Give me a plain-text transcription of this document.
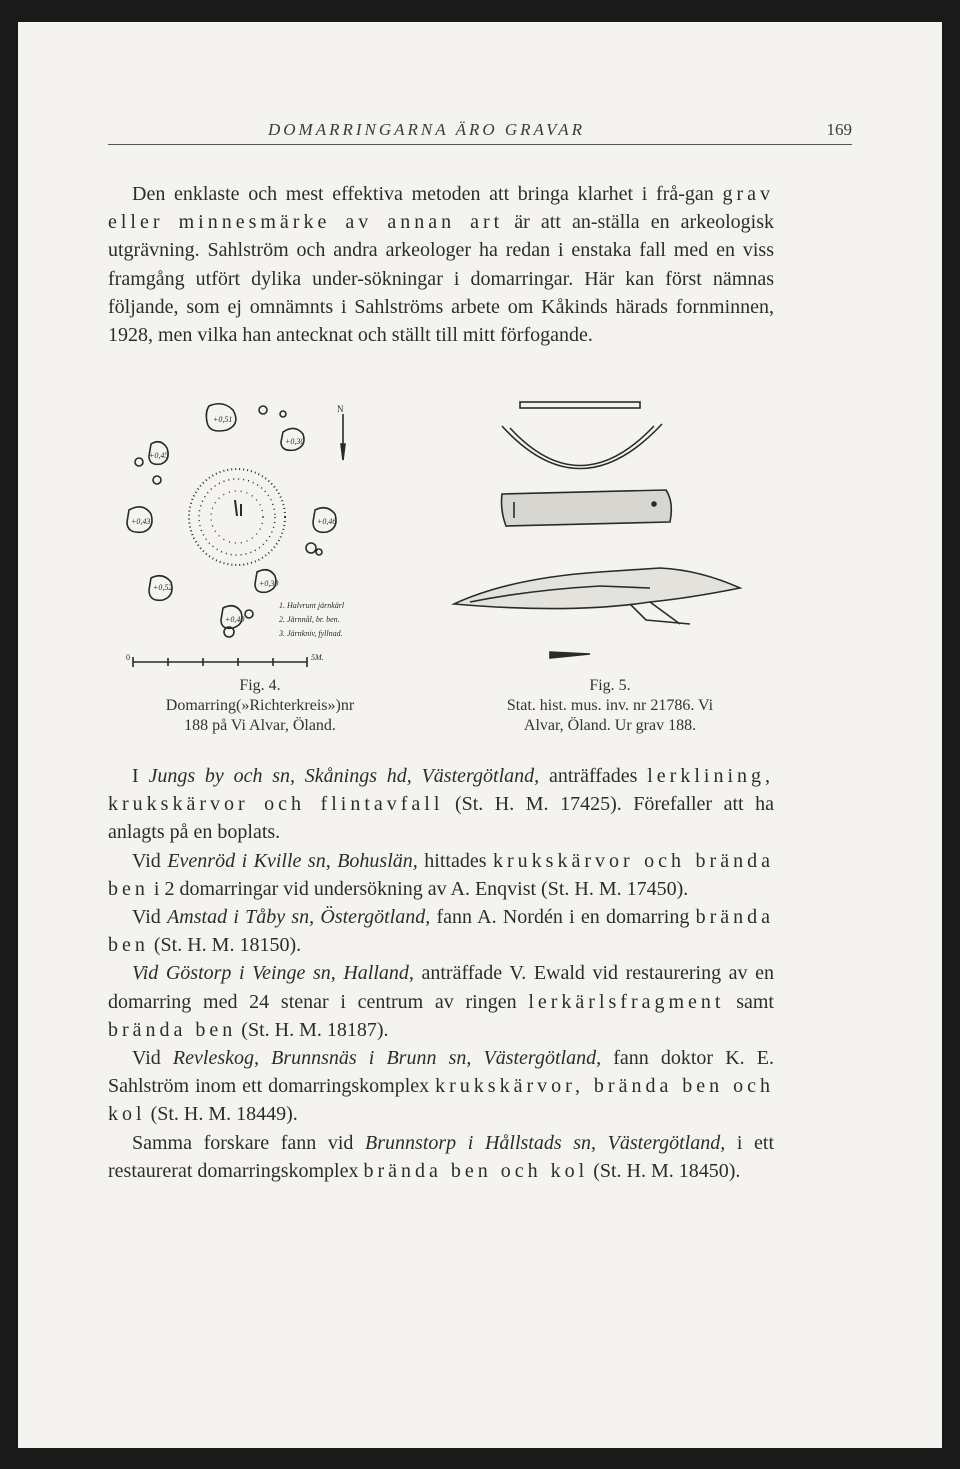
DOMARRINGARNA ÄRO GRAVAR	169

Den enklaste och mest effektiva metoden att bringa klarhet i frå-gan grav eller minnesmärke av annan art är att an-ställa en arkeologisk utgrävning. Sahlström och andra arkeologer ha redan i enstaka fall med en viss framgång utfört dylika under-sökningar i domarringar. Här kan först nämnas följande, som ej omnämnts i Sahlströms arbete om Kåkinds härads fornminnen, 1928, men vilka han antecknat och ställt till mitt förfogande.

+0,51
+0,30
+0,45
+0,43	+0,46
+0,52	+0,30
+0,40
N
1. Halvrunt järnkärl
2. Järnnål, br. ben.
3. Järnkniv, fyllnad.
5M.
0
Fig. 4.
Domarring(»Richterkreis»)nr
188 på Vi Alvar, Öland.
Fig. 5.
Stat. hist. mus. inv. nr 21786. Vi
Alvar, Öland. Ur grav 188.

I Jungs by och sn, Skånings hd, Västergötland, anträffades lerklining, krukskärvor och flintavfall (St. H. M. 17425). Förefaller att ha anlagts på en boplats.

Vid Evenröd i Kville sn, Bohuslän, hittades krukskärvor och brända ben i 2 domarringar vid undersökning av A. Enqvist (St. H. M. 17450).

Vid Amstad i Tåby sn, Östergötland, fann A. Nordén i en domarring brända ben (St. H. M. 18150).

Vid Göstorp i Veinge sn, Halland, anträffade V. Ewald vid restaurering av en domarring med 24 stenar i centrum av ringen lerkärlsfragment samt brända ben (St. H. M. 18187).

Vid Revleskog, Brunnsnäs i Brunn sn, Västergötland, fann doktor K. E. Sahlström inom ett domarringskomplex krukskärvor, brända ben och kol (St. H. M. 18449).

Samma forskare fann vid Brunnstorp i Hållstads sn, Västergötland, i ett restaurerat domarringskomplex brända ben och kol (St. H. M. 18450).
